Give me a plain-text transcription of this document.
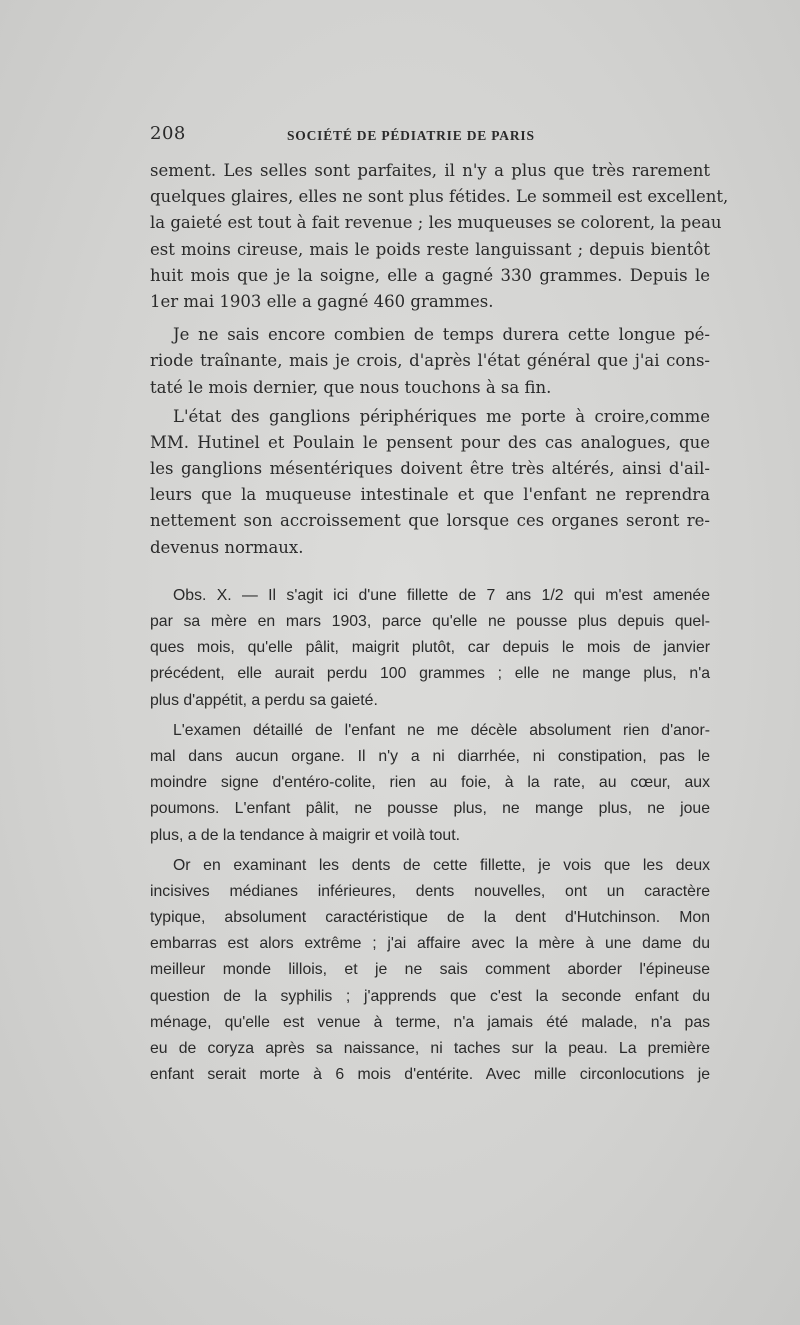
208	SOCIÉTÉ DE PÉDIATRIE DE PARIS
sement. Les selles sont parfaites, il n'y a plus que très rarement
quelques glaires, elles ne sont plus fétides. Le sommeil est excellent,
la gaieté est tout à fait revenue ; les muqueuses se colorent, la peau
est moins cireuse, mais le poids reste languissant ; depuis bientôt
huit mois que je la soigne, elle a gagné 330 grammes. Depuis le
1er mai 1903 elle a gagné 460 grammes.
Je ne sais encore combien de temps durera cette longue pé-
riode traînante, mais je crois, d'après l'état général que j'ai cons-
taté le mois dernier, que nous touchons à sa fin.
L'état des ganglions périphériques me porte à croire,comme
MM. Hutinel et Poulain le pensent pour des cas analogues, que
les ganglions mésentériques doivent être très altérés, ainsi d'ail-
leurs que la muqueuse intestinale et que l'enfant ne reprendra
nettement son accroissement que lorsque ces organes seront re-
devenus normaux.
Obs. X. — Il s'agit ici d'une fillette de 7 ans 1/2 qui m'est amenée
par sa mère en mars 1903, parce qu'elle ne pousse plus depuis quel-
ques mois, qu'elle pâlit, maigrit plutôt, car depuis le mois de janvier
précédent, elle aurait perdu 100 grammes ; elle ne mange plus, n'a
plus d'appétit, a perdu sa gaieté.
L'examen détaillé de l'enfant ne me décèle absolument rien d'anor-
mal dans aucun organe. Il n'y a ni diarrhée, ni constipation, pas le
moindre signe d'entéro-colite, rien au foie, à la rate, au cœur, aux
poumons. L'enfant pâlit, ne pousse plus, ne mange plus, ne joue
plus, a de la tendance à maigrir et voilà tout.
Or en examinant les dents de cette fillette, je vois que les deux
incisives médianes inférieures, dents nouvelles, ont un caractère
typique, absolument caractéristique de la dent d'Hutchinson. Mon
embarras est alors extrême ; j'ai affaire avec la mère à une dame du
meilleur monde lillois, et je ne sais comment aborder l'épineuse
question de la syphilis ; j'apprends que c'est la seconde enfant du
ménage, qu'elle est venue à terme, n'a jamais été malade, n'a pas
eu de coryza après sa naissance, ni taches sur la peau. La première
enfant serait morte à 6 mois d'entérite. Avec mille circonlocutions je
